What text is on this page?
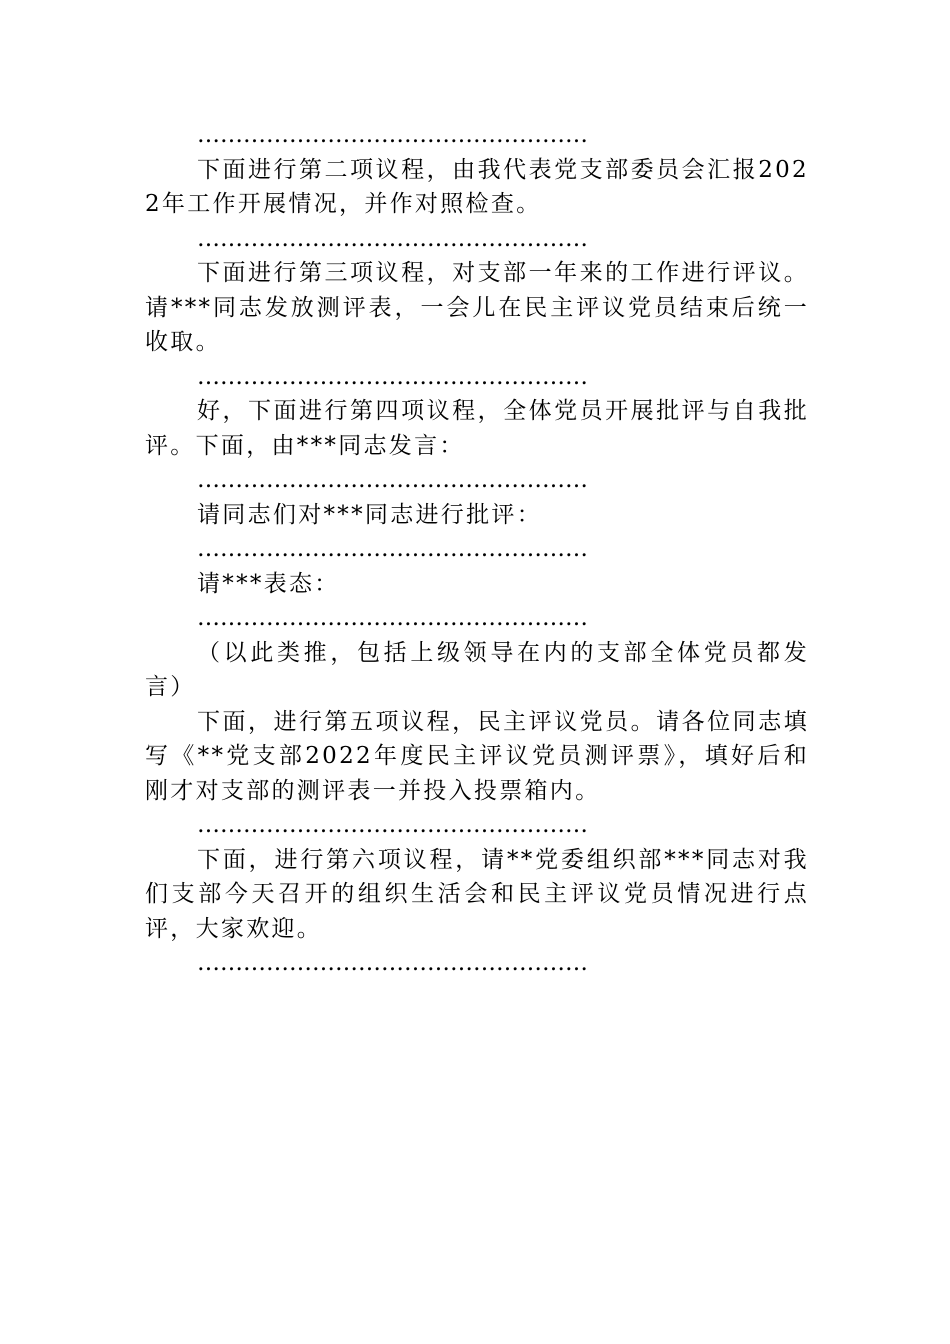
……………………………………………

下面进行第二项议程，由我代表党支部委员会汇报2022年工作开展情况，并作对照检查。

……………………………………………

下面进行第三项议程，对支部一年来的工作进行评议。请***同志发放测评表，一会儿在民主评议党员结束后统一收取。

……………………………………………

好，下面进行第四项议程，全体党员开展批评与自我批评。下面，由***同志发言：

……………………………………………

请同志们对***同志进行批评：

……………………………………………

请***表态：

……………………………………………

（以此类推，包括上级领导在内的支部全体党员都发言）

下面，进行第五项议程，民主评议党员。请各位同志填写《**党支部2022年度民主评议党员测评票》，填好后和刚才对支部的测评表一并投入投票箱内。

……………………………………………

下面，进行第六项议程，请**党委组织部***同志对我们支部今天召开的组织生活会和民主评议党员情况进行点评，大家欢迎。

……………………………………………
